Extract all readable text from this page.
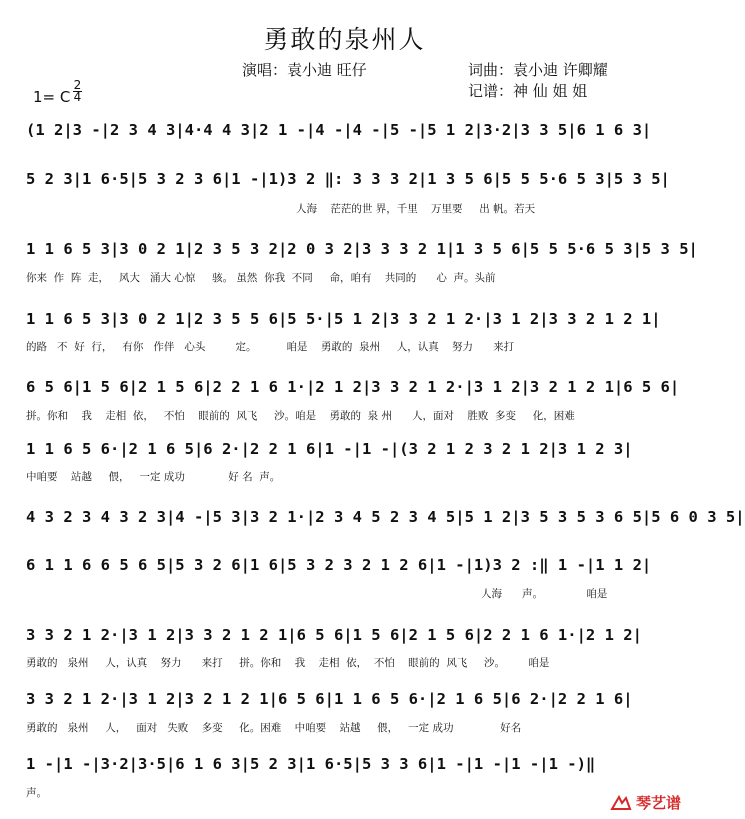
勇敢的泉州人
演唱：袁小迪 旺仔	词曲：袁小迪 许卿耀
记谱：神 仙 姐 姐
1= C
2
4
(1 2|3 -|2 3 4 3|4·4 4 3|2 1 -|4 -|4 -|5 -|5 1 2|3·2|3 3 5|6 1 6 3|
5 2 3|1 6·5|5 3 2 3 6|1 -|1)3 2 ‖: 3 3 3 2|1 3 5 6|5 5 5·6 5 3|5 3 5|
人海    茫茫的世 界，千里    万里要     出 帆。若天
1 1 6 5 3|3 0 2 1|2 3 5 3 2|2 0 3 2|3 3 3 2 1|1 3 5 6|5 5 5·6 5 3|5 3 5|
你来  作  阵  走，   风大   涌大 心惊     骇。 虽然  你我  不同     命，咱有    共同的      心  声。头前
1 1 6 5 3|3 0 2 1|2 3 5 5 6|5 5·|5 1 2|3 3 2 1 2·|3 1 2|3 3 2 1 2 1|
的路   不  好  行，   有你   作伴   心头         定。         咱是    勇敢的  泉州     人，认真    努力      来打
6 5 6|1 5 6|2 1 5 6|2 2 1 6 1·|2 1 2|3 3 2 1 2·|3 1 2|3 2 1 2 1|6 5 6|
拼。你和    我    走相  依，   不怕    眼前的  风飞     沙。咱是    勇敢的  泉 州      人，面对    胜败  多变     化，困难
1 1 6 5 6·|2 1 6 5|6 2·|2 2 1 6|1 -|1 -|(3 2 1 2 3 2 1 2|3 1 2 3|
中咱要    站越     偎，   一定 成功             好 名  声。
4 3 2 3 4 3 2 3|4 -|5 3|3 2 1·|2 3 4 5 2 3 4 5|5 1 2|3 5 3 5 3 6 5|5 6 0 3 5|
6 1 1 6 6 5 6 5|5 3 2 6|1 6|5 3 2 3 2 1 2 6|1 -|1)3 2 :‖ 1 -|1 1 2|
人海      声。             咱是
3 3 2 1 2·|3 1 2|3 3 2 1 2 1|6 5 6|1 5 6|2 1 5 6|2 2 1 6 1·|2 1 2|
勇敢的   泉州     人，认真    努力      来打     拼。你和    我    走相  依，  不怕    眼前的  风飞     沙。       咱是
3 3 2 1 2·|3 1 2|3 2 1 2 1|6 5 6|1 1 6 5 6·|2 1 6 5|6 2·|2 2 1 6|
勇敢的   泉州     人，   面对   失败    多变     化。困难    中咱要    站越     偎，   一定 成功              好名
1 -|1 -|3·2|3·5|6 1 6 3|5 2 3|1 6·5|5 3 3 6|1 -|1 -|1 -|1 -)‖
声。
琴艺谱
